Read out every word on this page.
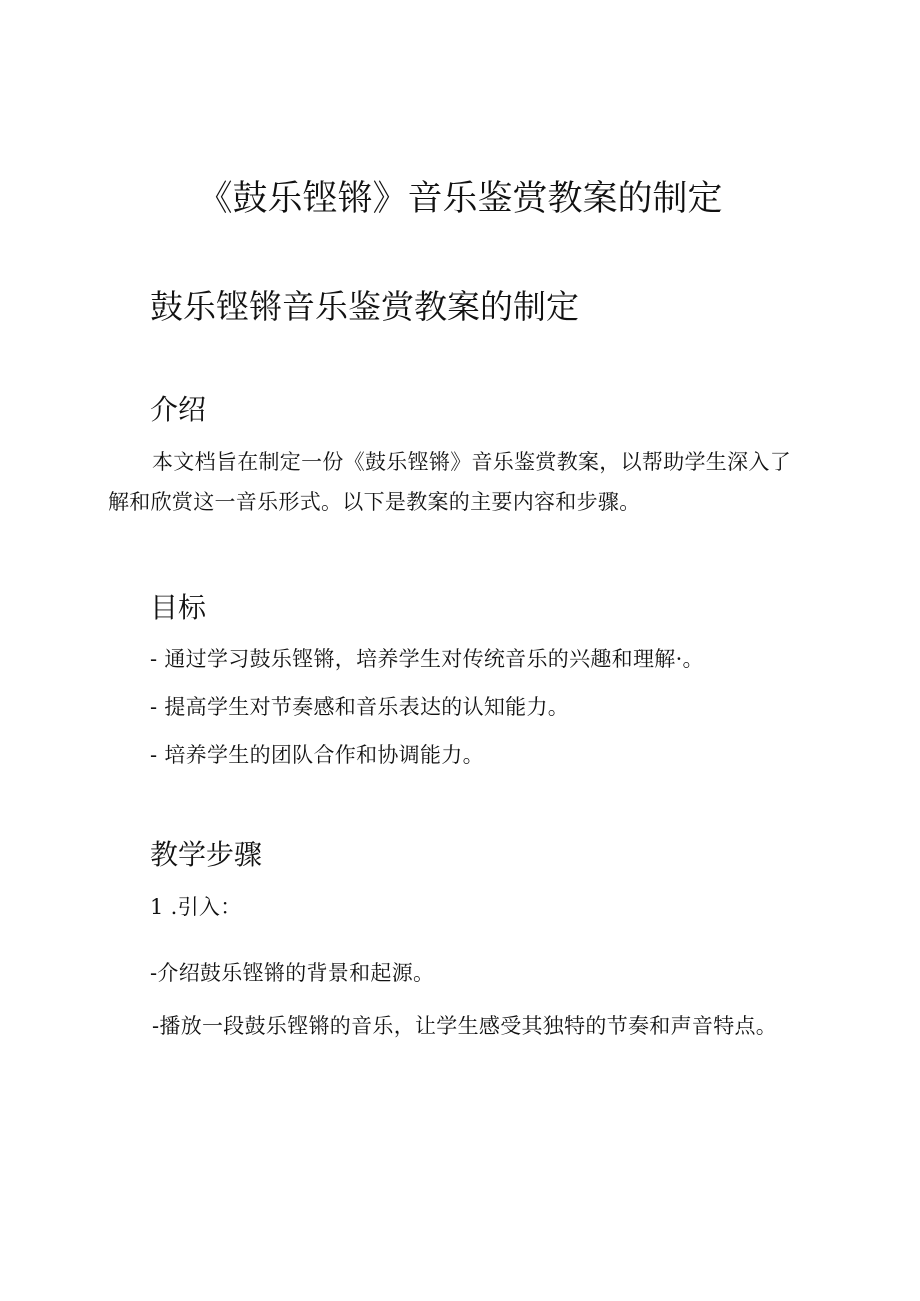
《鼓乐铿锵》音乐鉴赏教案的制定
鼓乐铿锵音乐鉴赏教案的制定
介绍

本文档旨在制定一份《鼓乐铿锵》音乐鉴赏教案，以帮助学生深入了解和欣赏这一音乐形式。以下是教案的主要内容和步骤。

目标

- 通过学习鼓乐铿锵，培养学生对传统音乐的兴趣和理解·。

- 提高学生对节奏感和音乐表达的认知能力。

- 培养学生的团队合作和协调能力。

教学步骤

1 .引入：

-介绍鼓乐铿锵的背景和起源。

-播放一段鼓乐铿锵的音乐，让学生感受其独特的节奏和声音特点。
